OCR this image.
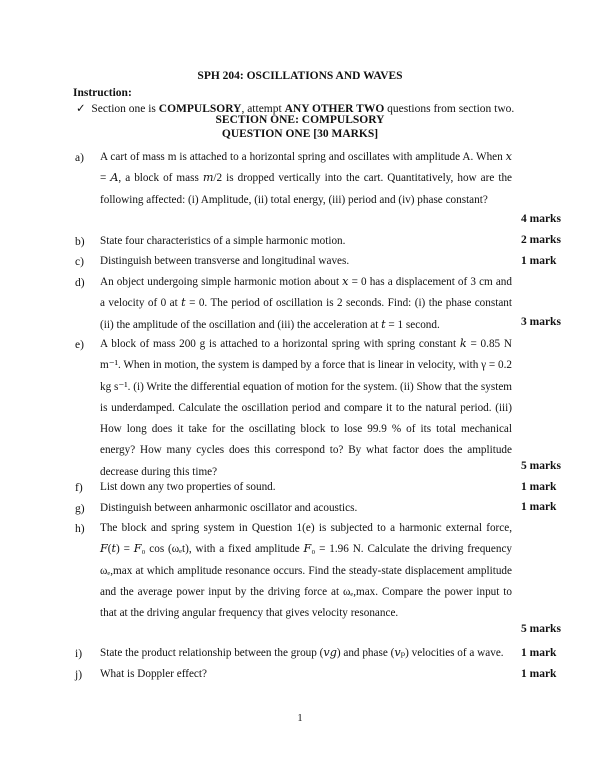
SPH 204: OSCILLATIONS AND WAVES
Instruction:
✓ Section one is COMPULSORY, attempt ANY OTHER TWO questions from section two.
SECTION ONE: COMPULSORY
QUESTION ONE [30 MARKS]
a) A cart of mass m is attached to a horizontal spring and oscillates with amplitude A. When 𝑥 = 𝐴, a block of mass 𝑚/2 is dropped vertically into the cart. Quantitatively, how are the following affected: (i) Amplitude, (ii) total energy, (iii) period and (iv) phase constant?
4 marks
b) State four characteristics of a simple harmonic motion.	2 marks
c) Distinguish between transverse and longitudinal waves.	1 mark
d) An object undergoing simple harmonic motion about 𝑥 = 0 has a displacement of 3 cm and a velocity of 0 at 𝑡 = 0. The period of oscillation is 2 seconds. Find: (i) the phase constant (ii) the amplitude of the oscillation and (iii) the acceleration at 𝑡 = 1 second.	3 marks
e) A block of mass 200 g is attached to a horizontal spring with spring constant 𝑘 = 0.85 N m⁻¹. When in motion, the system is damped by a force that is linear in velocity, with γ = 0.2 kg s⁻¹. (i) Write the differential equation of motion for the system. (ii) Show that the system is underdamped. Calculate the oscillation period and compare it to the natural period. (iii) How long does it take for the oscillating block to lose 99.9 % of its total mechanical energy? How many cycles does this correspond to? By what factor does the amplitude decrease during this time?	5 marks
f) List down any two properties of sound.	1 mark
g) Distinguish between anharmonic oscillator and acoustics.	1 mark
h) The block and spring system in Question 1(e) is subjected to a harmonic external force, 𝐹(𝑡) = 𝐹₀ cos (ωₑt), with a fixed amplitude 𝐹₀ = 1.96 N. Calculate the driving frequency ωₑ,max at which amplitude resonance occurs. Find the steady-state displacement amplitude and the average power input by the driving force at ωₑ,max. Compare the power input to that at the driving angular frequency that gives velocity resonance.
5 marks
i) State the product relationship between the group (𝑣𝑔) and phase (𝑣ₚ) velocities of a wave.	1 mark
j) What is Doppler effect?	1 mark
1
